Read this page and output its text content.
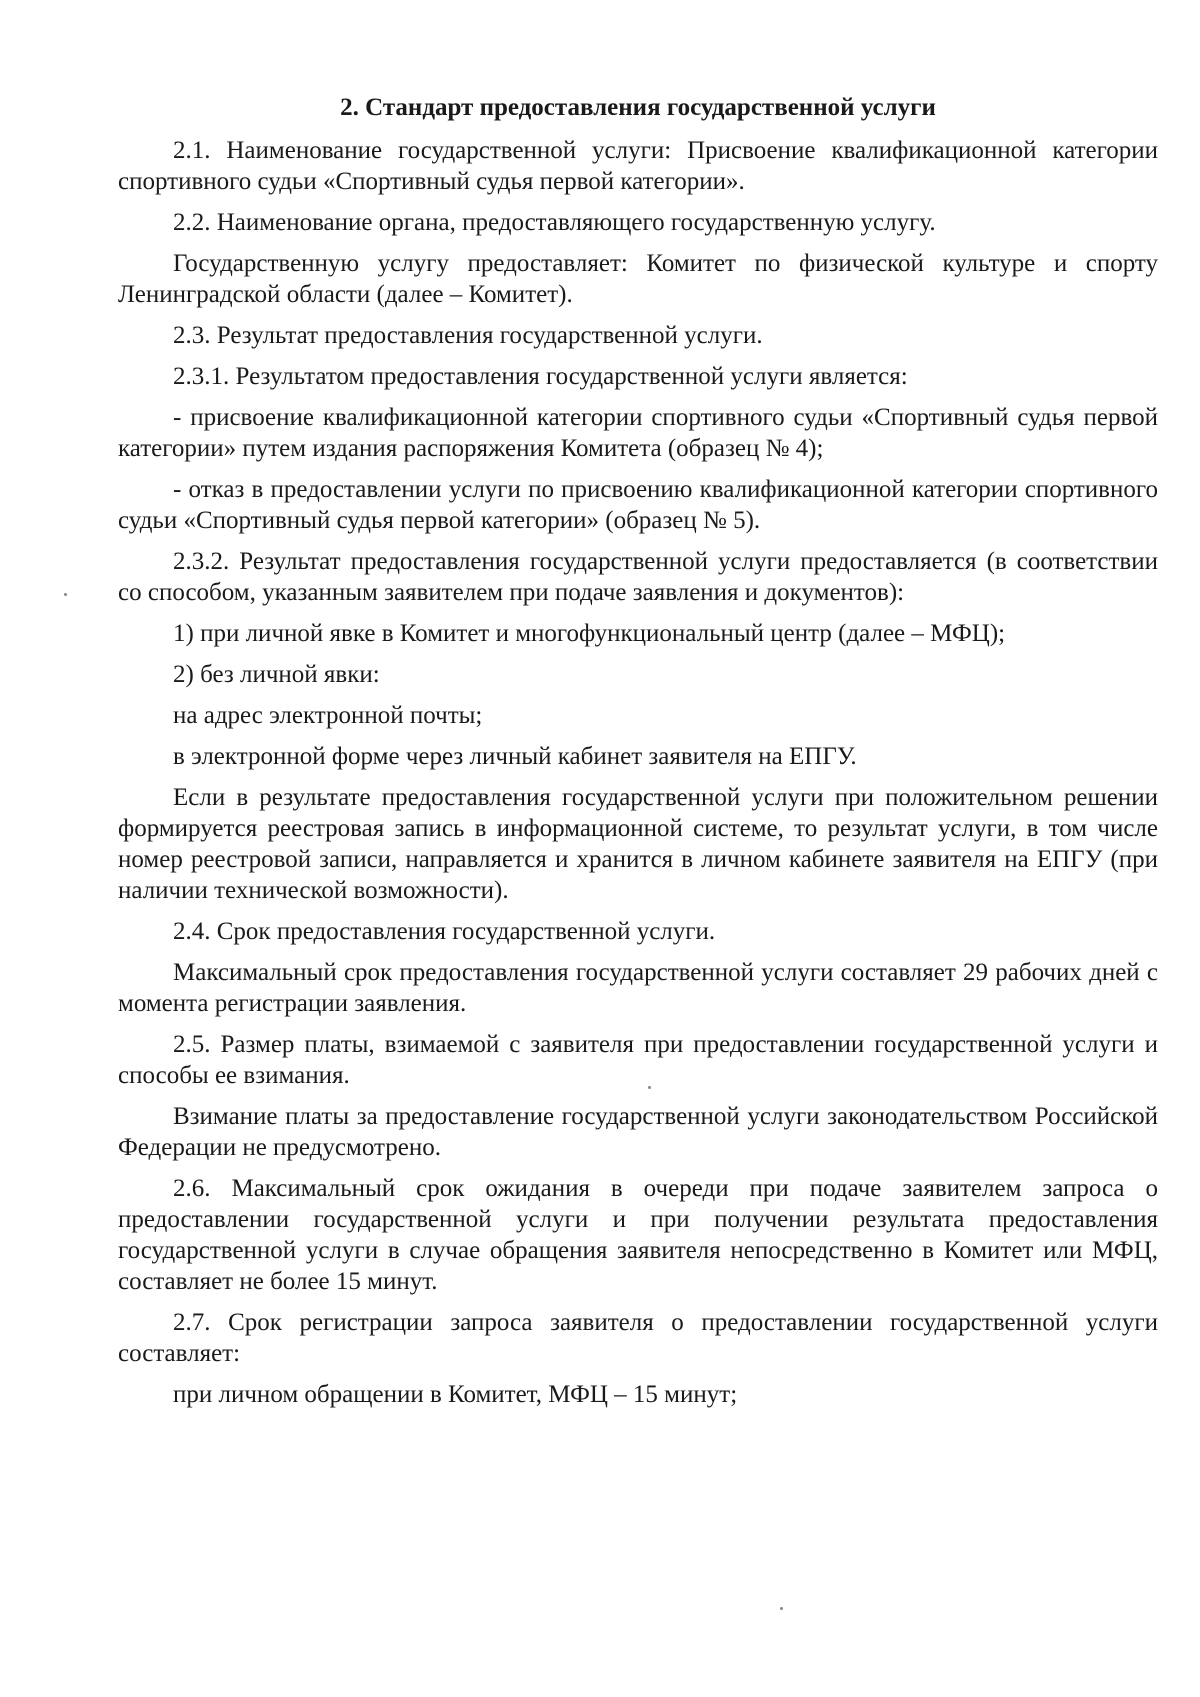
2. Стандарт предоставления государственной услуги
2.1. Наименование государственной услуги: Присвоение квалификационной категории спортивного судьи «Спортивный судья первой категории».
2.2. Наименование органа, предоставляющего государственную услугу.
Государственную услугу предоставляет: Комитет по физической культуре и спорту Ленинградской области (далее – Комитет).
2.3. Результат предоставления государственной услуги.
2.3.1. Результатом предоставления государственной услуги является:
- присвоение квалификационной категории спортивного судьи «Спортивный судья первой категории» путем издания распоряжения Комитета (образец № 4);
- отказ в предоставлении услуги по присвоению квалификационной категории спортивного судьи «Спортивный судья первой категории» (образец № 5).
2.3.2. Результат предоставления государственной услуги предоставляется (в соответствии со способом, указанным заявителем при подаче заявления и документов):
1) при личной явке в Комитет и многофункциональный центр (далее – МФЦ);
2) без личной явки:
на адрес электронной почты;
в электронной форме через личный кабинет заявителя на ЕПГУ.
Если в результате предоставления государственной услуги при положительном решении формируется реестровая запись в информационной системе, то результат услуги, в том числе номер реестровой записи, направляется и хранится в личном кабинете заявителя на ЕПГУ (при наличии технической возможности).
2.4. Срок предоставления государственной услуги.
Максимальный срок предоставления государственной услуги составляет 29 рабочих дней с момента регистрации заявления.
2.5. Размер платы, взимаемой с заявителя при предоставлении государственной услуги и способы ее взимания.
Взимание платы за предоставление государственной услуги законодательством Российской Федерации не предусмотрено.
2.6. Максимальный срок ожидания в очереди при подаче заявителем запроса о предоставлении государственной услуги и при получении результата предоставления государственной услуги в случае обращения заявителя непосредственно в Комитет или МФЦ, составляет не более 15 минут.
2.7. Срок регистрации запроса заявителя о предоставлении государственной услуги составляет:
при личном обращении в Комитет, МФЦ – 15 минут;
